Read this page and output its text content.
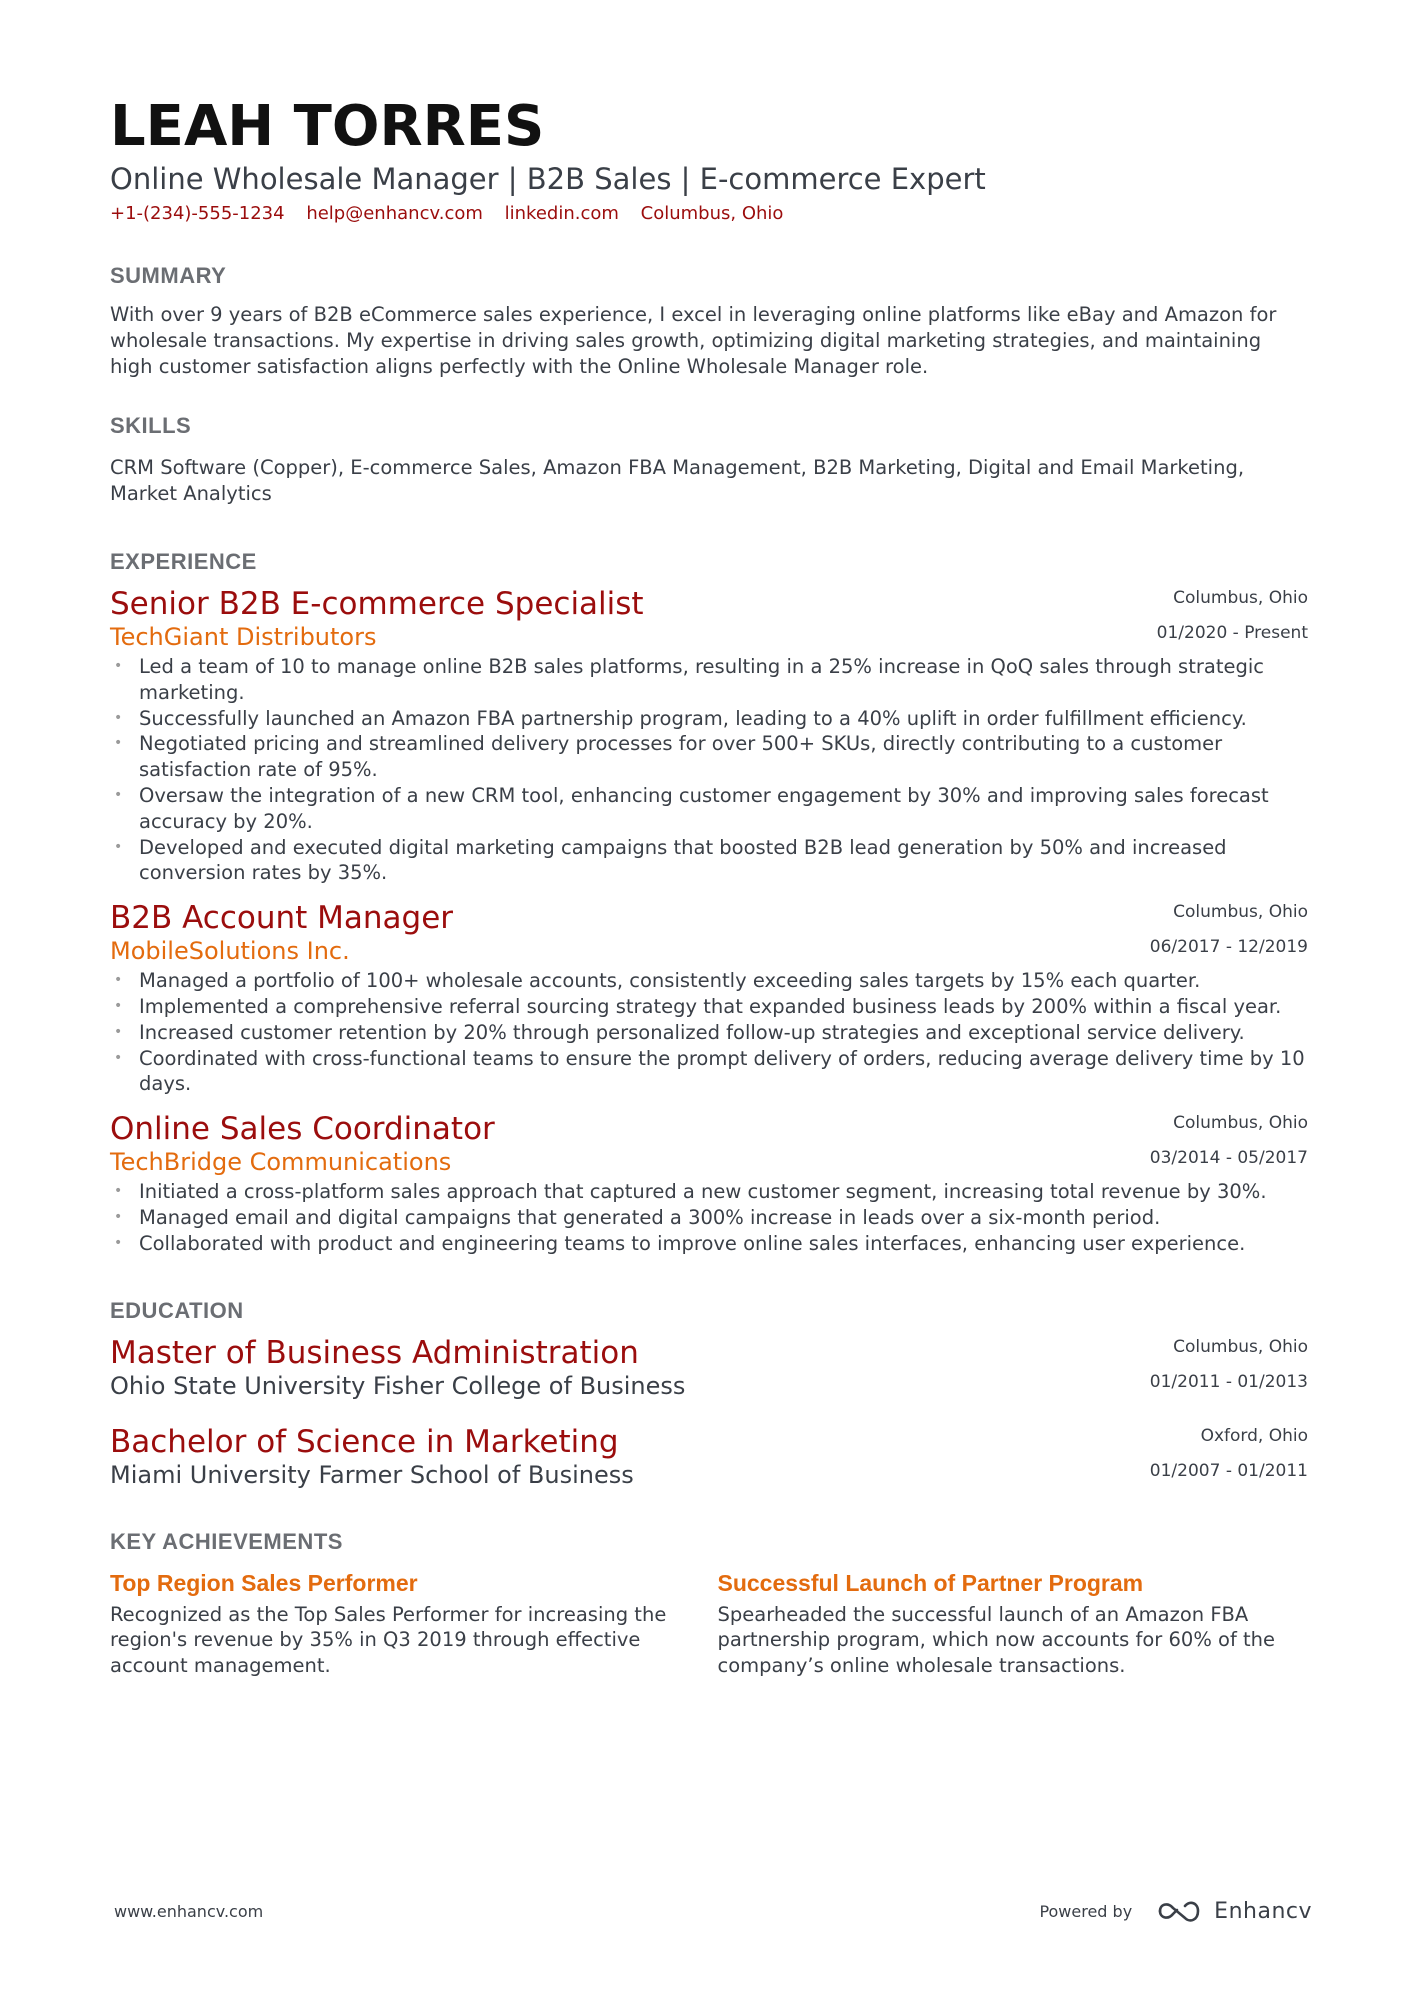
LEAH TORRES
Online Wholesale Manager | B2B Sales | E-commerce Expert
+1-(234)-555-1234 help@enhancv.com linkedin.com Columbus, Ohio
SUMMARY
With over 9 years of B2B eCommerce sales experience, I excel in leveraging online platforms like eBay and Amazon for wholesale transactions. My expertise in driving sales growth, optimizing digital marketing strategies, and maintaining high customer satisfaction aligns perfectly with the Online Wholesale Manager role.
SKILLS
CRM Software (Copper), E-commerce Sales, Amazon FBA Management, B2B Marketing, Digital and Email Marketing, Market Analytics
EXPERIENCE
Senior B2B E-commerce Specialist
TechGiant Distributors
Columbus, Ohio
01/2020 - Present
• Led a team of 10 to manage online B2B sales platforms, resulting in a 25% increase in QoQ sales through strategic marketing.
• Successfully launched an Amazon FBA partnership program, leading to a 40% uplift in order fulfillment efficiency.
• Negotiated pricing and streamlined delivery processes for over 500+ SKUs, directly contributing to a customer satisfaction rate of 95%.
• Oversaw the integration of a new CRM tool, enhancing customer engagement by 30% and improving sales forecast accuracy by 20%.
• Developed and executed digital marketing campaigns that boosted B2B lead generation by 50% and increased conversion rates by 35%.
B2B Account Manager
MobileSolutions Inc.
Columbus, Ohio
06/2017 - 12/2019
• Managed a portfolio of 100+ wholesale accounts, consistently exceeding sales targets by 15% each quarter.
• Implemented a comprehensive referral sourcing strategy that expanded business leads by 200% within a fiscal year.
• Increased customer retention by 20% through personalized follow-up strategies and exceptional service delivery.
• Coordinated with cross-functional teams to ensure the prompt delivery of orders, reducing average delivery time by 10 days.
Online Sales Coordinator
TechBridge Communications
Columbus, Ohio
03/2014 - 05/2017
• Initiated a cross-platform sales approach that captured a new customer segment, increasing total revenue by 30%.
• Managed email and digital campaigns that generated a 300% increase in leads over a six-month period.
• Collaborated with product and engineering teams to improve online sales interfaces, enhancing user experience.
EDUCATION
Master of Business Administration
Ohio State University Fisher College of Business
Columbus, Ohio
01/2011 - 01/2013
Bachelor of Science in Marketing
Miami University Farmer School of Business
Oxford, Ohio
01/2007 - 01/2011
KEY ACHIEVEMENTS
Top Region Sales Performer
Recognized as the Top Sales Performer for increasing the region's revenue by 35% in Q3 2019 through effective account management.
Successful Launch of Partner Program
Spearheaded the successful launch of an Amazon FBA partnership program, which now accounts for 60% of the company’s online wholesale transactions.
www.enhancv.com	Powered by	Enhancv
